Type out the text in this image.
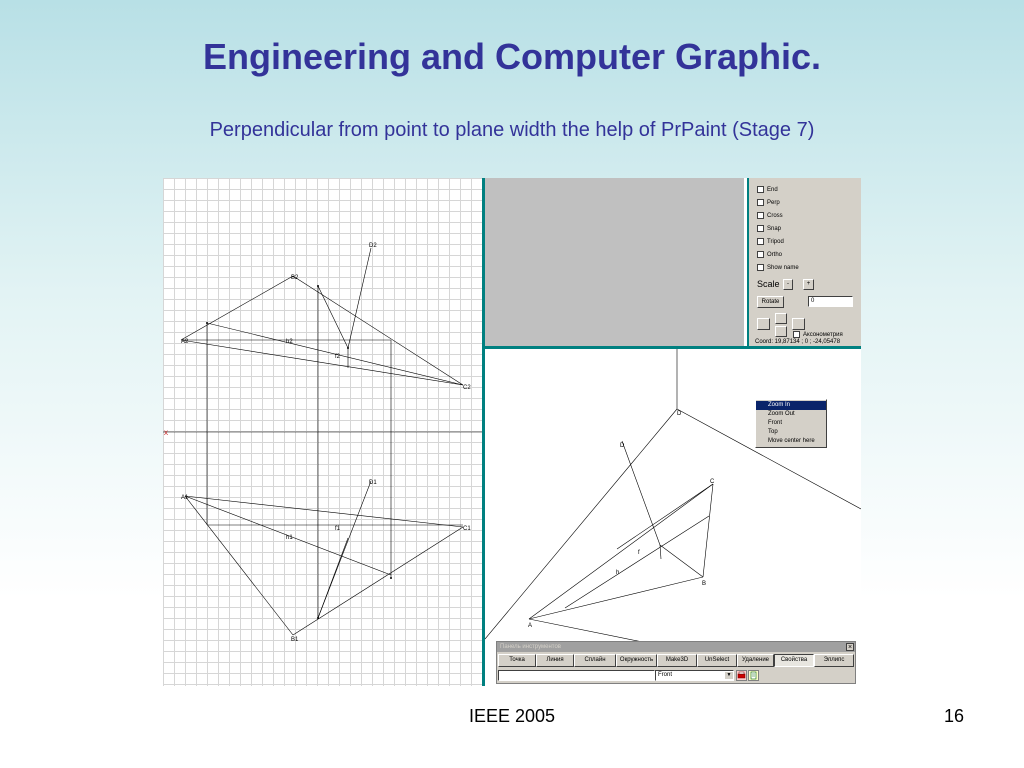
Engineering and Computer Graphic.
Perpendicular from point to plane width the help of PrPaint (Stage 7)
X
D2
B2
A2	h2
f2
C2
D1
A1
f1	C1
h1
B1
End
Perp
Cross
Snap
Tripod
Ortho
Show name
Scale	-	+
Rotate	0
Аксонометрия
Coord: 19,87134 ; 0 ; -24,05478
D
D
C
f
h
B
A
Zoom In
Zoom Out
Front
Top
Move center here
Панель инструментов	×
Точка	Линия	Сплайн	Окружность	Make3D	UnSelect	Удаление	Свойства	Эллипс
Front	▼
IEEE 2005	16
